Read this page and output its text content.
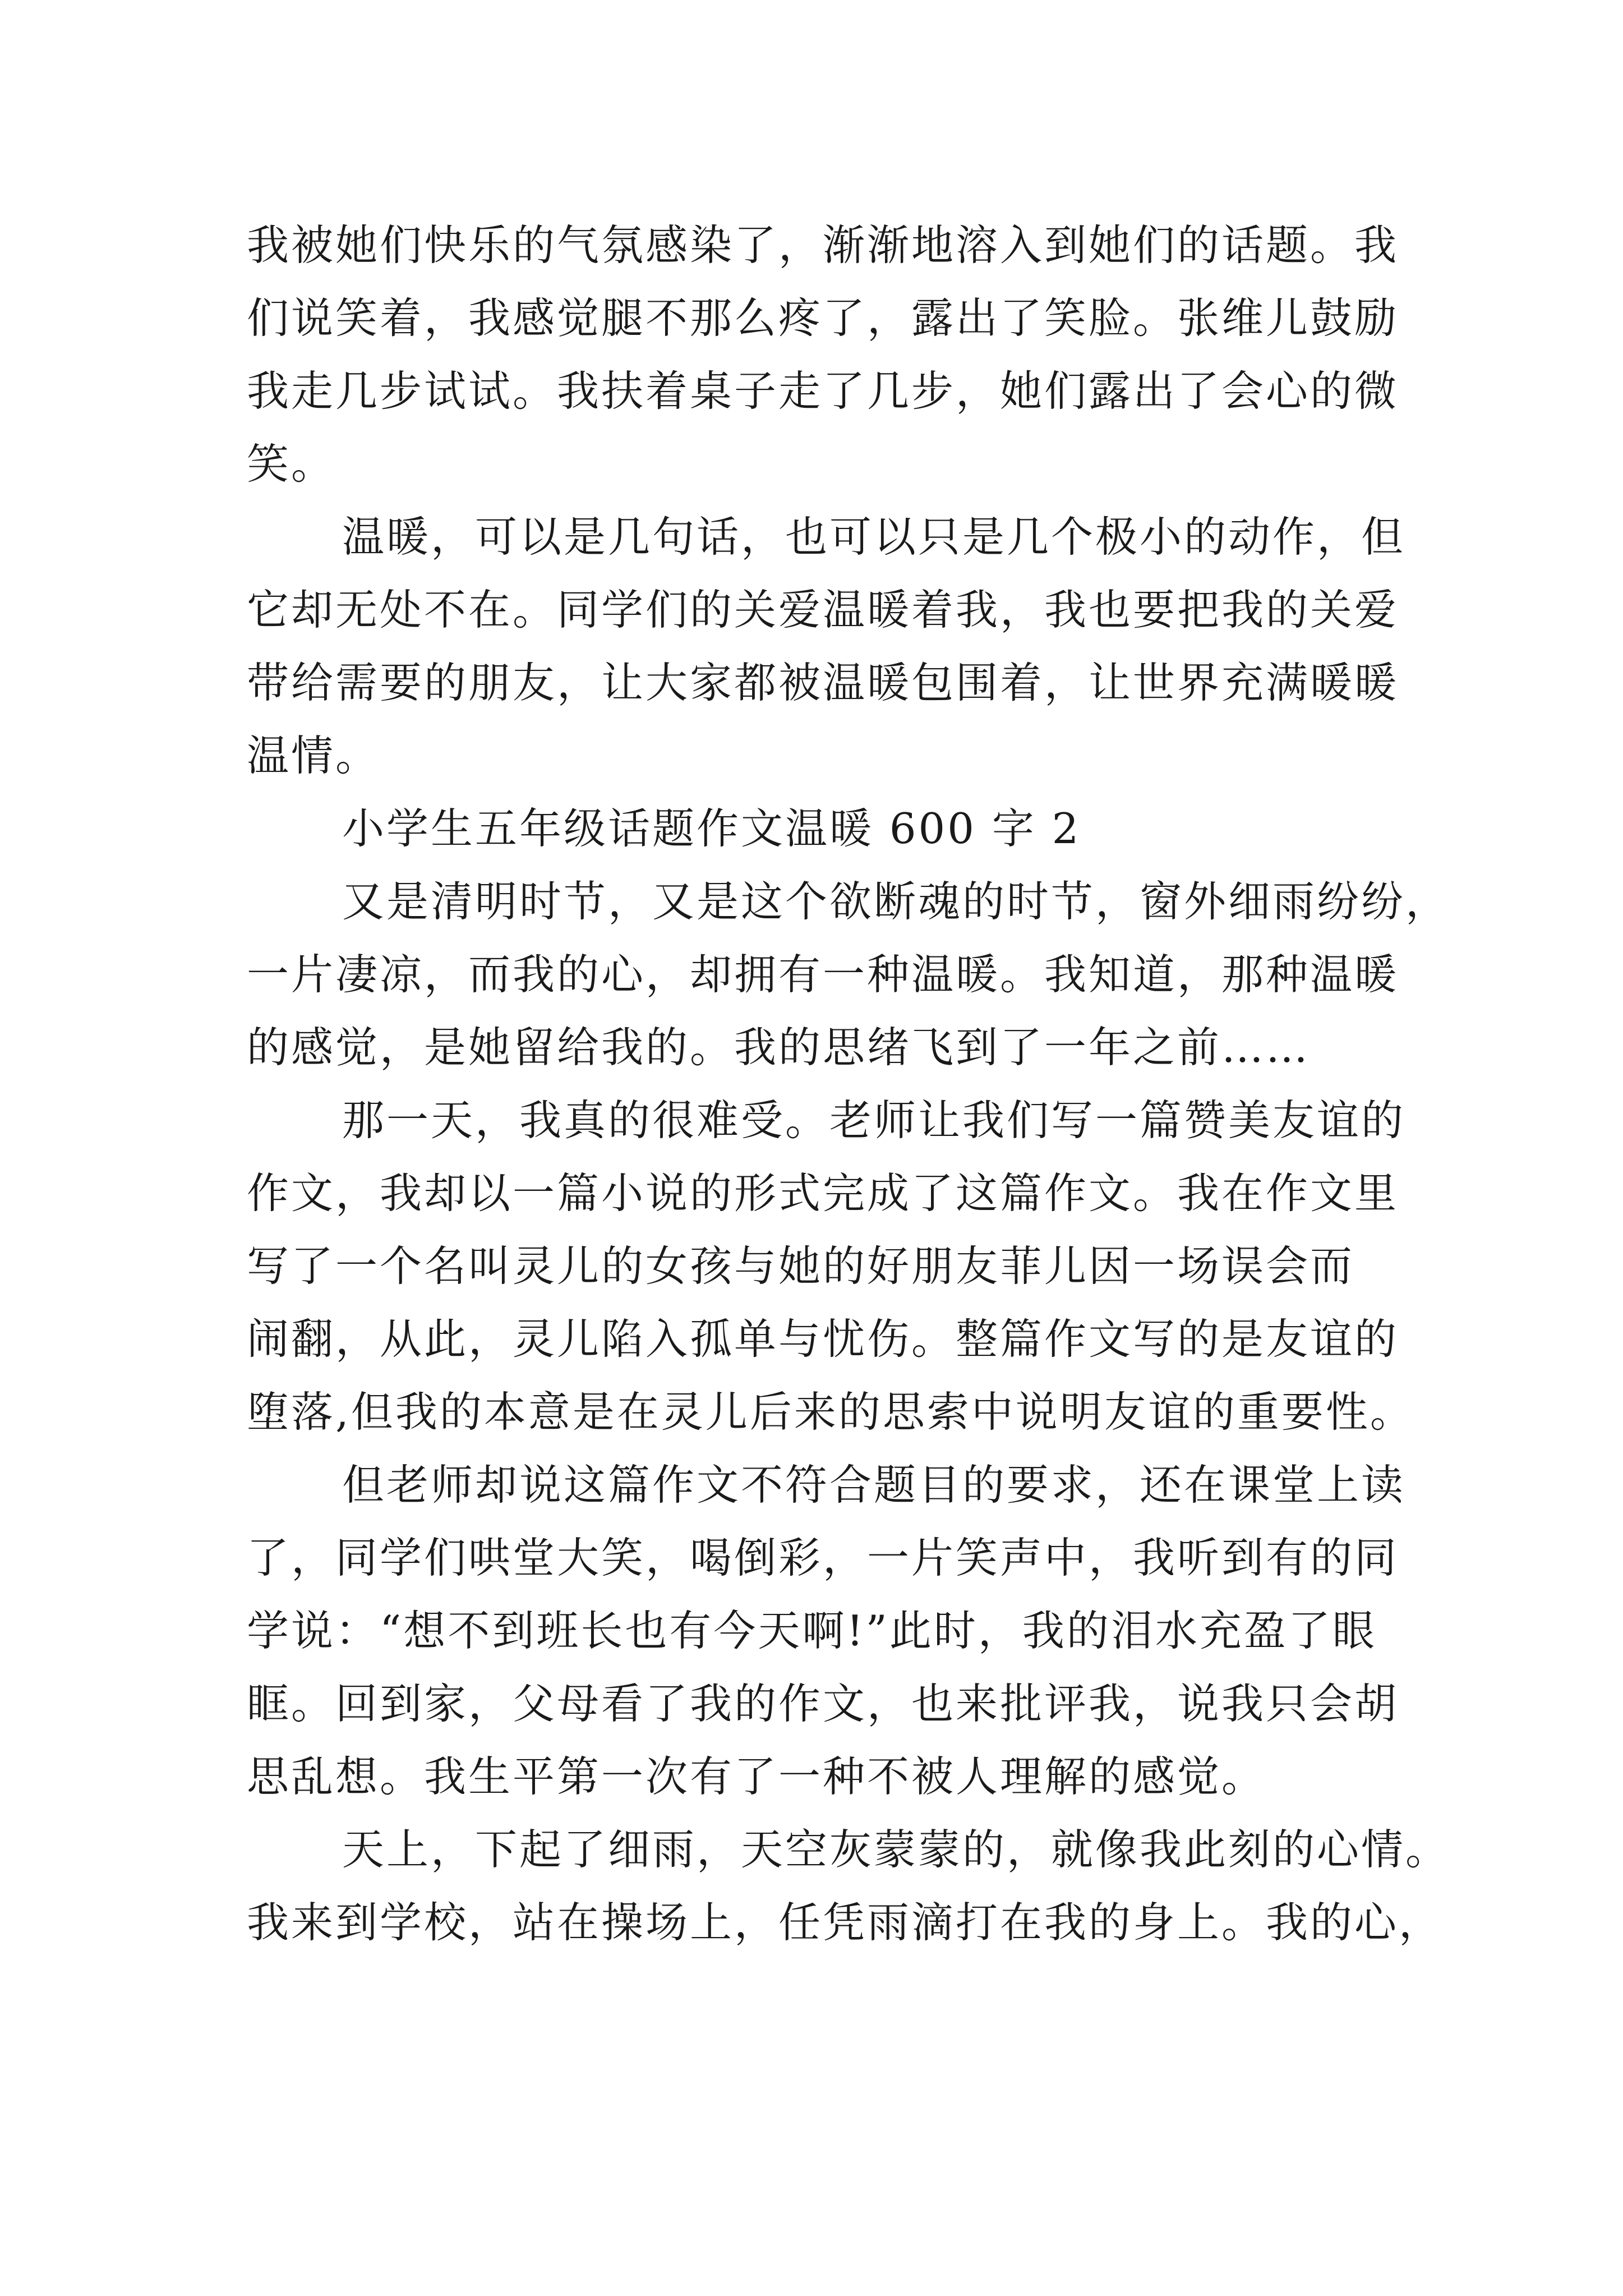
我被她们快乐的气氛感染了，渐渐地溶入到她们的话题。我
们说笑着，我感觉腿不那么疼了，露出了笑脸。张维儿鼓励
我走几步试试。我扶着桌子走了几步，她们露出了会心的微
笑。
温暖，可以是几句话，也可以只是几个极小的动作，但
它却无处不在。同学们的关爱温暖着我，我也要把我的关爱
带给需要的朋友，让大家都被温暖包围着，让世界充满暖暖
温情。
小学生五年级话题作文温暖 600 字 2
又是清明时节，又是这个欲断魂的时节，窗外细雨纷纷，
一片凄凉，而我的心，却拥有一种温暖。我知道，那种温暖
的感觉，是她留给我的。我的思绪飞到了一年之前……
那一天，我真的很难受。老师让我们写一篇赞美友谊的
作文，我却以一篇小说的形式完成了这篇作文。我在作文里
写了一个名叫灵儿的女孩与她的好朋友菲儿因一场误会而
闹翻，从此，灵儿陷入孤单与忧伤。整篇作文写的是友谊的
堕落,但我的本意是在灵儿后来的思索中说明友谊的重要性。
但老师却说这篇作文不符合题目的要求，还在课堂上读
了，同学们哄堂大笑，喝倒彩，一片笑声中，我听到有的同
学说：“想不到班长也有今天啊!”此时，我的泪水充盈了眼
眶。回到家，父母看了我的作文，也来批评我，说我只会胡
思乱想。我生平第一次有了一种不被人理解的感觉。
天上，下起了细雨，天空灰蒙蒙的，就像我此刻的心情。
我来到学校，站在操场上，任凭雨滴打在我的身上。我的心，
